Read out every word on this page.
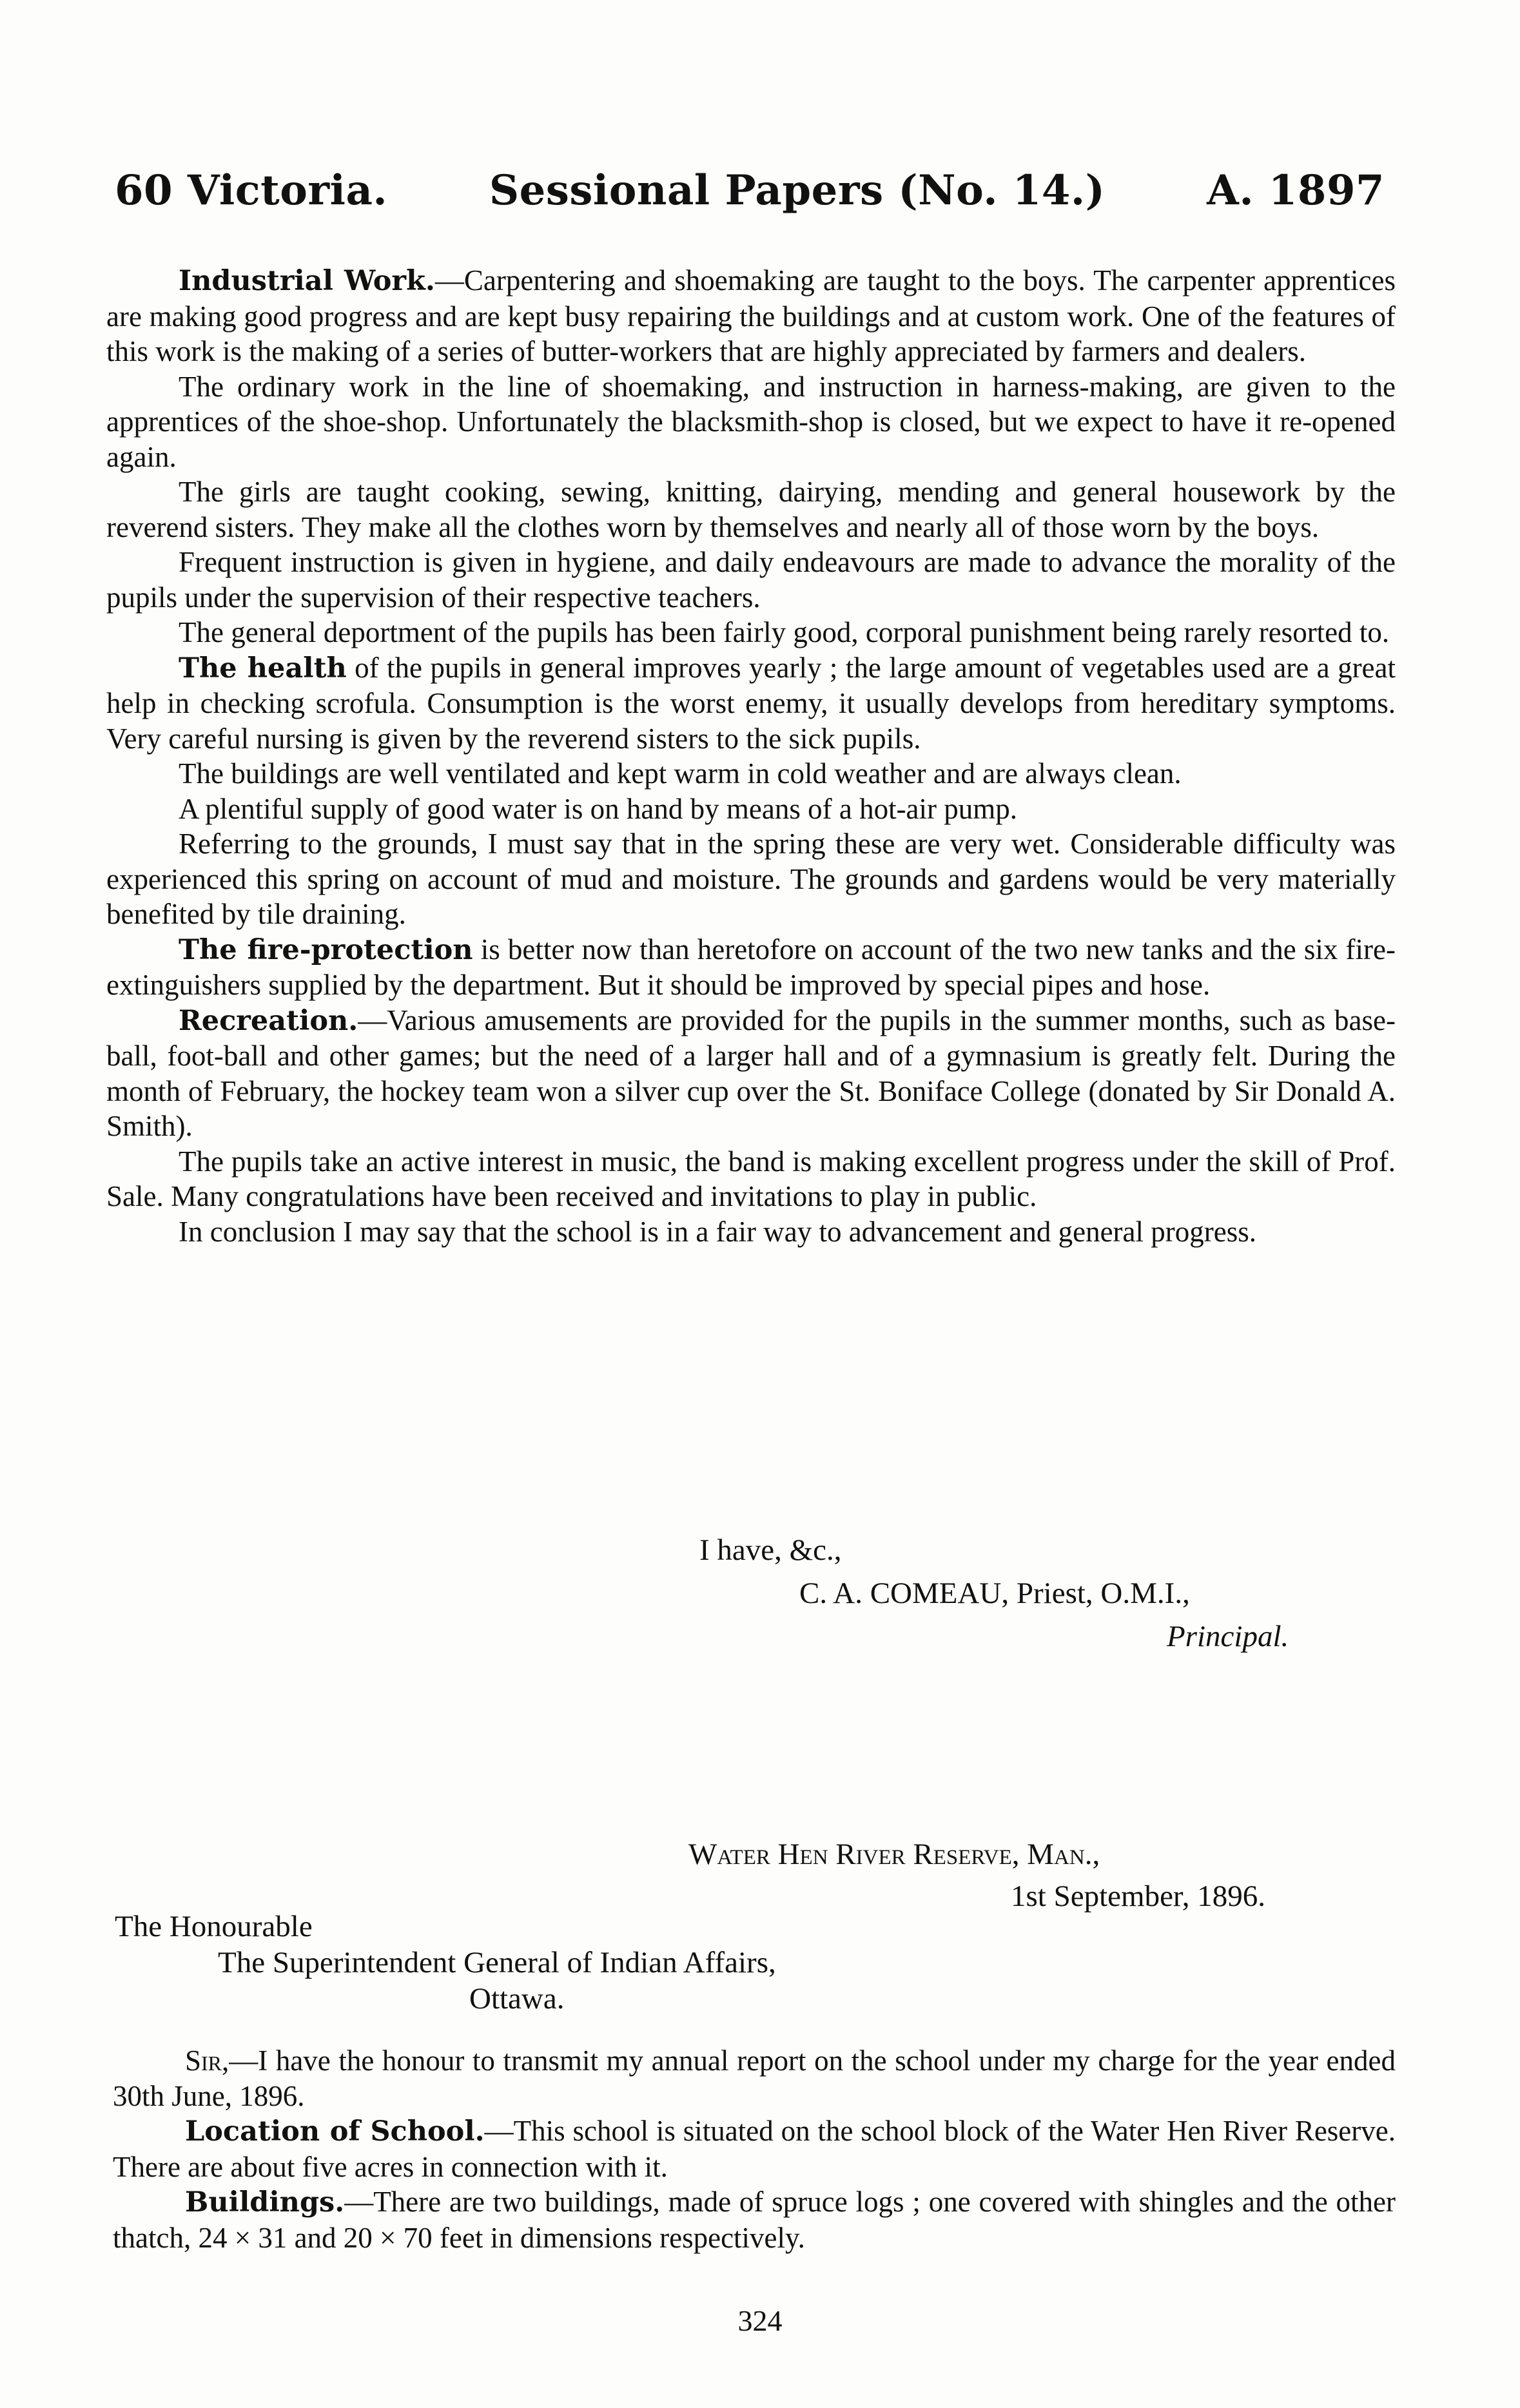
60 Victoria. Sessional Papers (No. 14.) A. 1897

Industrial Work.—Carpentering and shoemaking are taught to the boys. The carpenter apprentices are making good progress and are kept busy repairing the buildings and at custom work. One of the features of this work is the making of a series of butter-workers that are highly appreciated by farmers and dealers.

The ordinary work in the line of shoemaking, and instruction in harness-making, are given to the apprentices of the shoe-shop. Unfortunately the blacksmith-shop is closed, but we expect to have it re-opened again.

The girls are taught cooking, sewing, knitting, dairying, mending and general housework by the reverend sisters. They make all the clothes worn by themselves and nearly all of those worn by the boys.

Frequent instruction is given in hygiene, and daily endeavours are made to advance the morality of the pupils under the supervision of their respective teachers.

The general deportment of the pupils has been fairly good, corporal punishment being rarely resorted to.

The health of the pupils in general improves yearly ; the large amount of vegetables used are a great help in checking scrofula. Consumption is the worst enemy, it usually develops from hereditary symptoms. Very careful nursing is given by the reverend sisters to the sick pupils.

The buildings are well ventilated and kept warm in cold weather and are always clean.

A plentiful supply of good water is on hand by means of a hot-air pump.

Referring to the grounds, I must say that in the spring these are very wet. Considerable difficulty was experienced this spring on account of mud and moisture. The grounds and gardens would be very materially benefited by tile draining.

The fire-protection is better now than heretofore on account of the two new tanks and the six fire-extinguishers supplied by the department. But it should be improved by special pipes and hose.

Recreation.—Various amusements are provided for the pupils in the summer months, such as base-ball, foot-ball and other games; but the need of a larger hall and of a gymnasium is greatly felt. During the month of February, the hockey team won a silver cup over the St. Boniface College (donated by Sir Donald A. Smith).

The pupils take an active interest in music, the band is making excellent progress under the skill of Prof. Sale. Many congratulations have been received and invitations to play in public.

In conclusion I may say that the school is in a fair way to advancement and general progress.

I have, &c.,
C. A. COMEAU, Priest, O.M.I.,
Principal.
Water Hen River Reserve, Man.,
1st September, 1896.
The Honourable
The Superintendent General of Indian Affairs,
Ottawa.

Sir,—I have the honour to transmit my annual report on the school under my charge for the year ended 30th June, 1896.

Location of School.—This school is situated on the school block of the Water Hen River Reserve. There are about five acres in connection with it.

Buildings.—There are two buildings, made of spruce logs ; one covered with shingles and the other thatch, 24 × 31 and 20 × 70 feet in dimensions respectively.

324
